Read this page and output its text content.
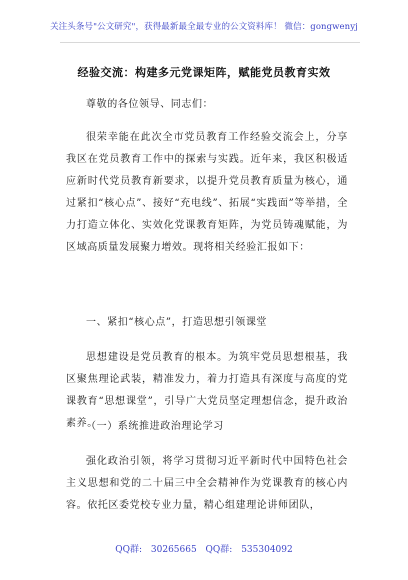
关注头条号"公文研究"，获得最新最全最专业的公文资料库！ 微信：gongwenyj
经验交流：构建多元党课矩阵，赋能党员教育实效
尊敬的各位领导、同志们：
很荣幸能在此次全市党员教育工作经验交流会上，分享我区在党员教育工作中的探索与实践。近年来，我区积极适应新时代党员教育新要求，以提升党员教育质量为核心，通过紧扣“核心点”、接好“充电线”、拓展“实践面”等举措，全力打造立体化、实效化党课教育矩阵，为党员铸魂赋能，为区域高质量发展聚力增效。现将相关经验汇报如下：
一、紧扣“核心点”，打造思想引领课堂
思想建设是党员教育的根本。为筑牢党员思想根基，我区聚焦理论武装，精准发力，着力打造具有深度与高度的党课教育“思想课堂”，引导广大党员坚定理想信念，提升政治素养。
（一）系统推进政治理论学习
强化政治引领，将学习贯彻习近平新时代中国特色社会主义思想和党的二十届三中全会精神作为党课教育的核心内容。依托区委党校专业力量，精心组建理论讲师团队，
QQ群: 30265665 QQ群: 535304092
